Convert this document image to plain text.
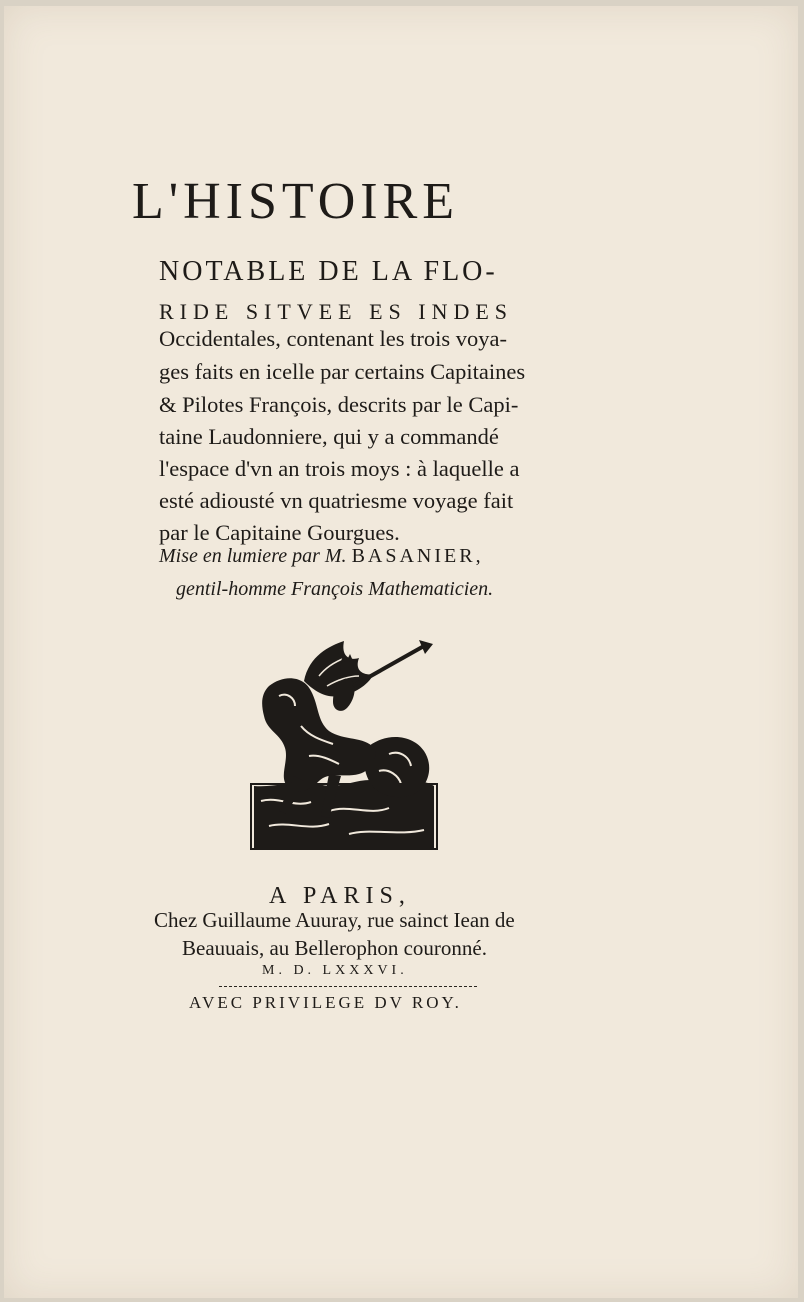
L'HISTOIRE
NOTABLE DE LA FLO-
RIDE SITVEE ES INDES
Occidentales, contenant les trois voya-
ges faits en icelle par certains Capitaines
& Pilotes François, descrits par le Capi-
taine Laudonniere, qui y a commandé
l'espace d'vn an trois moys : à laquelle a
esté adiousté vn quatriesme voyage fait
par le Capitaine Gourgues.
Mise en lumiere par M. BASANIER,
gentil-homme François Mathematicien.
A PARIS,
Chez Guillaume Auuray, rue sainct Iean de
Beauuais, au Bellerophon couronné.
M. D. LXXXVI.
AVEC PRIVILEGE DV ROY.
